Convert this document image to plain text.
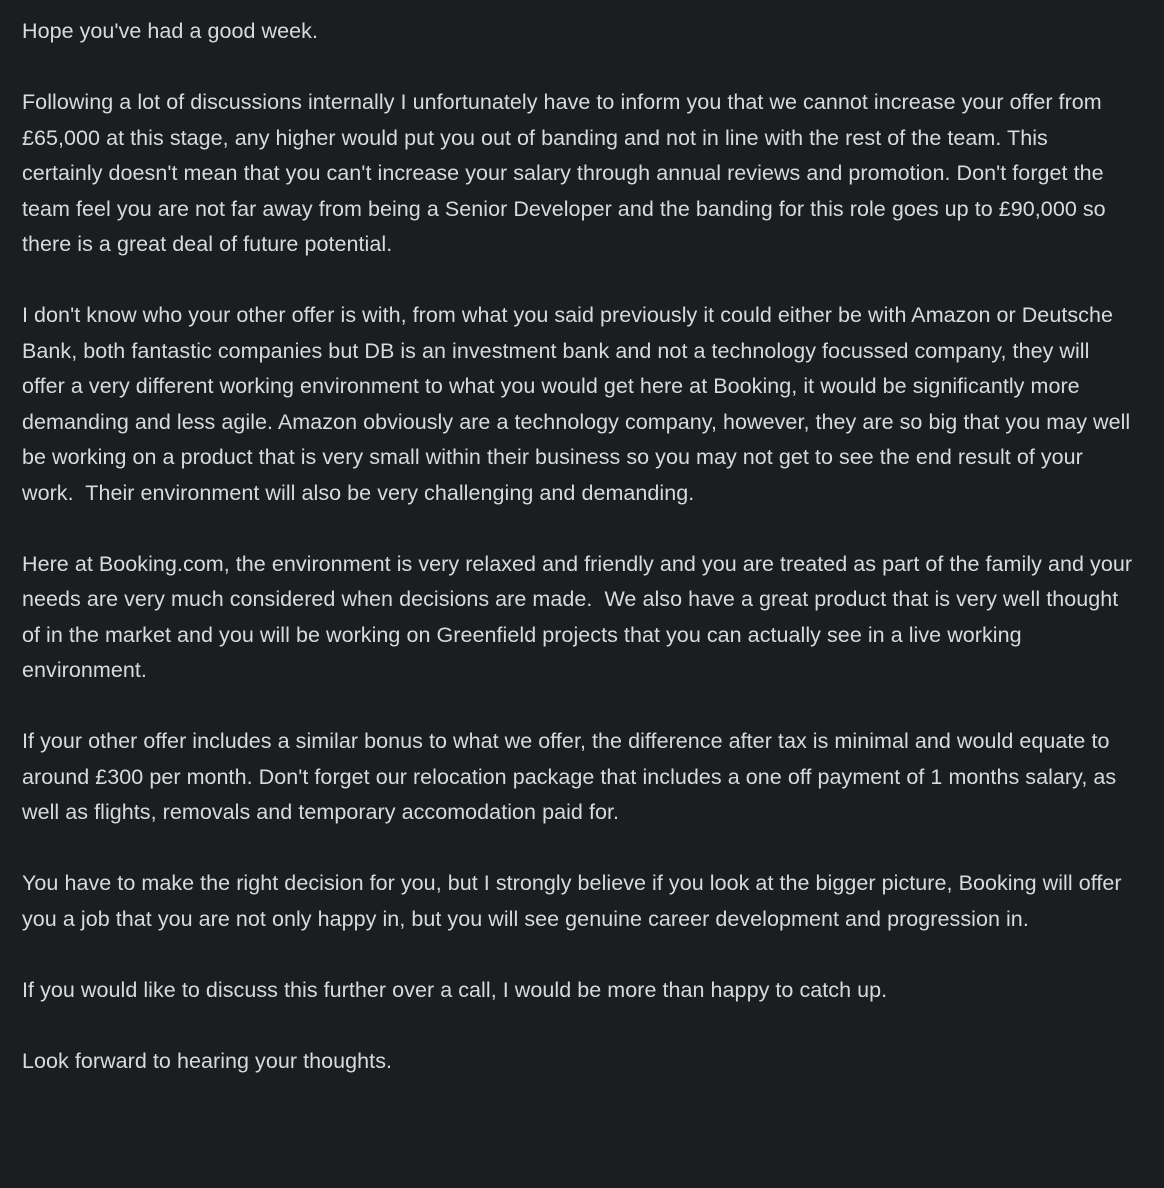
Hope you've had a good week.

Following a lot of discussions internally I unfortunately have to inform you that we cannot increase your offer from £65,000 at this stage, any higher would put you out of banding and not in line with the rest of the team. This certainly doesn't mean that you can't increase your salary through annual reviews and promotion. Don't forget the team feel you are not far away from being a Senior Developer and the banding for this role goes up to £90,000 so there is a great deal of future potential.

I don't know who your other offer is with, from what you said previously it could either be with Amazon or Deutsche Bank, both fantastic companies but DB is an investment bank and not a technology focussed company, they will offer a very different working environment to what you would get here at Booking, it would be significantly more demanding and less agile. Amazon obviously are a technology company, however, they are so big that you may well be working on a product that is very small within their business so you may not get to see the end result of your work.  Their environment will also be very challenging and demanding.

Here at Booking.com, the environment is very relaxed and friendly and you are treated as part of the family and your needs are very much considered when decisions are made.  We also have a great product that is very well thought of in the market and you will be working on Greenfield projects that you can actually see in a live working environment.

If your other offer includes a similar bonus to what we offer, the difference after tax is minimal and would equate to around £300 per month. Don't forget our relocation package that includes a one off payment of 1 months salary, as well as flights, removals and temporary accomodation paid for.

You have to make the right decision for you, but I strongly believe if you look at the bigger picture, Booking will offer you a job that you are not only happy in, but you will see genuine career development and progression in.

If you would like to discuss this further over a call, I would be more than happy to catch up.

Look forward to hearing your thoughts.
